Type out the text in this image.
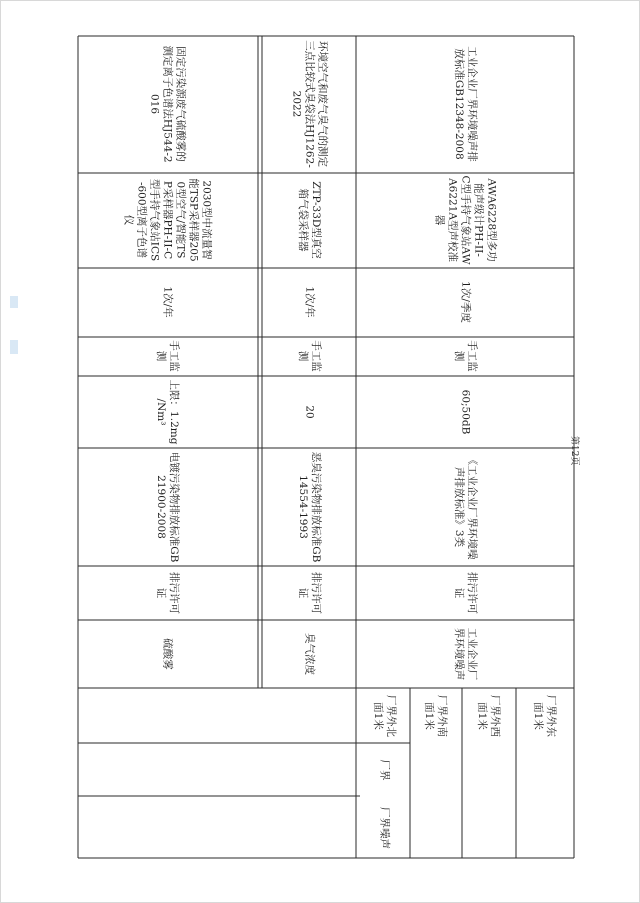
固定污染源废气硫酸雾的测定离子色谱法HJ544-2016	环境空气和废气臭气的测定三点比较式臭袋法HJ1262-2022	工业企业厂界环境噪声排放标准GB12348-2008
2030型中流量智能TSP采样器2050型空气/智能TSP采样器PH-II-C型手持气象站ICS-600型离子色谱仪	ZTP-33D型真空箱气袋采样器	AWA6228型多功能声级计PH-II-C型手持气象站AWA6221A型声校准器
1次/年	1次/年	1次/季度
手工监测	手工监测	手工监测
上限：1.2mg/Nm³	20	60;50dB
电镀污染物排放标准GB21900-2008	恶臭污染物排放标准GB14554-1993	《工业企业厂界环境噪声排放标准》3类
排污许可证	排污许可证	排污许可证
硫酸雾	臭气浓度	工业企业厂界环境噪声
厂界外北面1米	厂界外南面1米	厂界外西面1米	厂界外东面1米
厂界
厂界噪声
第12页
